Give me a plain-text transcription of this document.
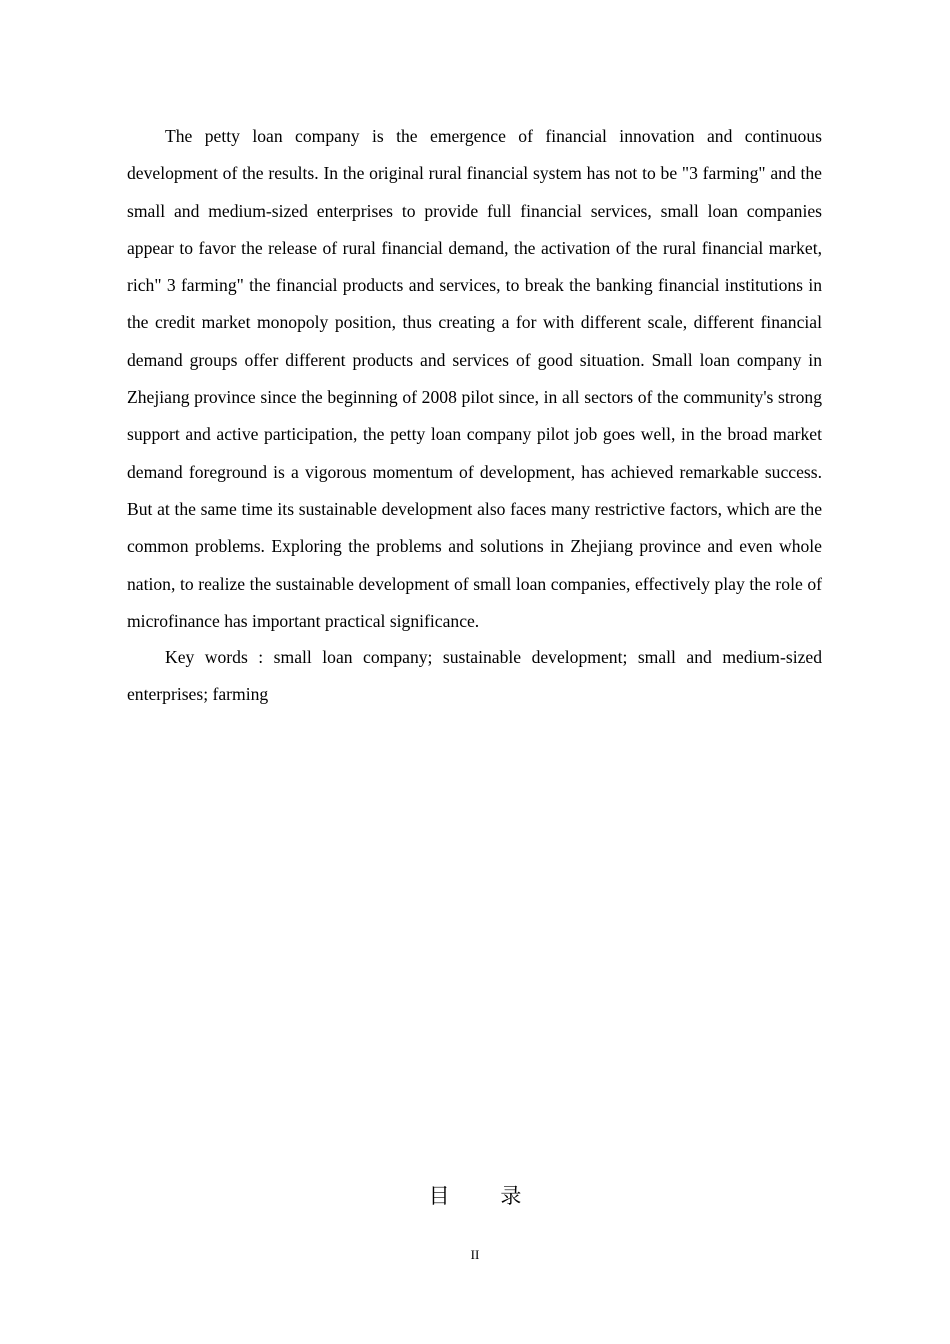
The petty loan company is the emergence of financial innovation and continuous development of the results. In the original rural financial system has not to be "3 farming" and the small and medium-sized enterprises to provide full financial services, small loan companies appear to favor the release of rural financial demand, the activation of the rural financial market, rich" 3 farming" the financial products and services, to break the banking financial institutions in the credit market monopoly position, thus creating a for with different scale, different financial demand groups offer different products and services of good situation. Small loan company in Zhejiang province since the beginning of 2008 pilot since, in all sectors of the community's strong support and active participation, the petty loan company pilot job goes well, in the broad market demand foreground is a vigorous momentum of development, has achieved remarkable success. But at the same time its sustainable development also faces many restrictive factors, which are the common problems. Exploring the problems and solutions in Zhejiang province and even whole nation, to realize the sustainable development of small loan companies, effectively play the role of microfinance has important practical significance.

Key words : small loan company; sustainable development; small and medium-sized enterprises; farming

目 录
II
